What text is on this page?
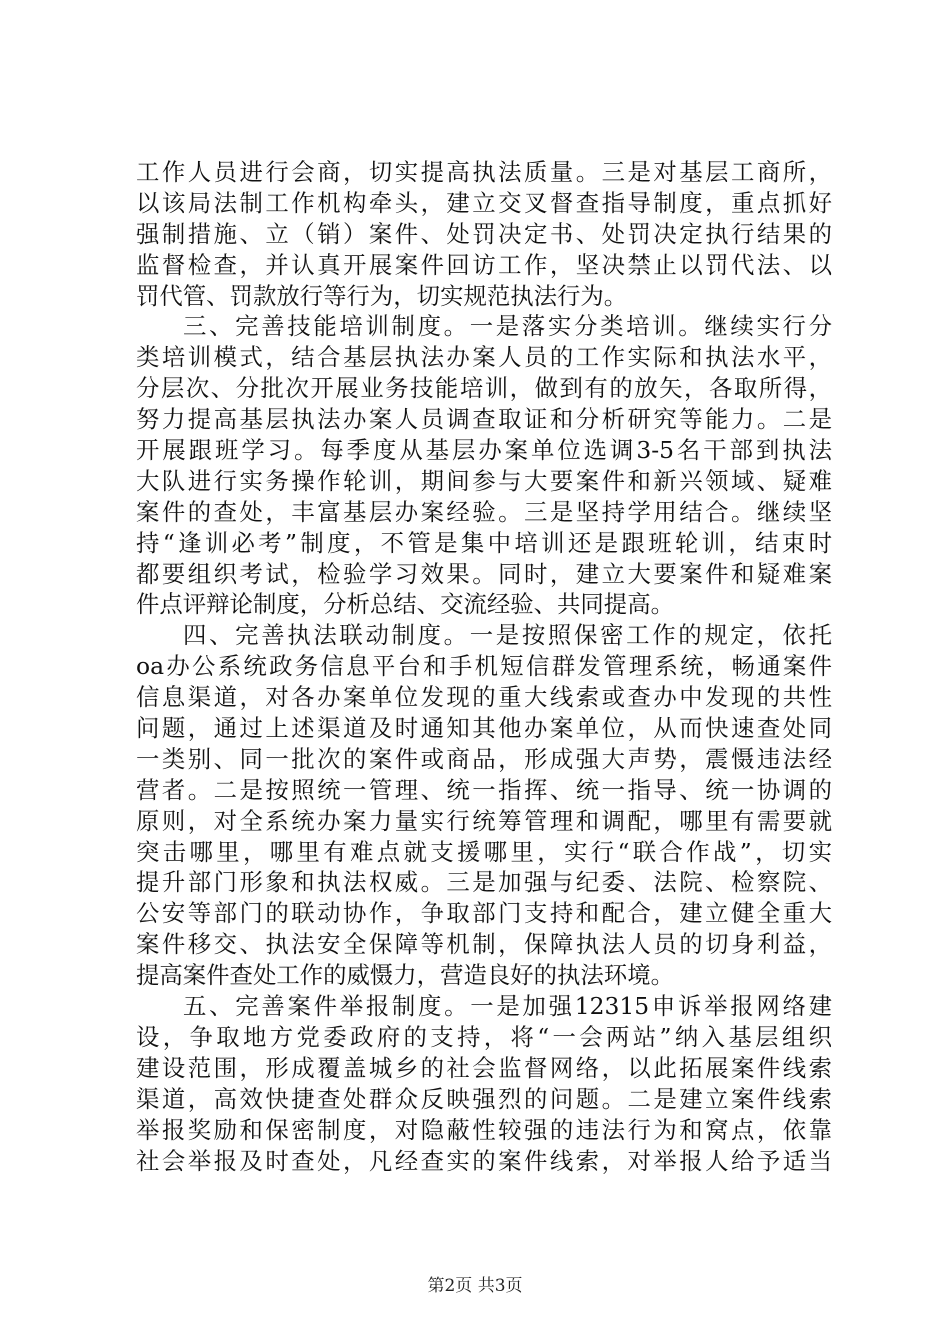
工作人员进行会商，切实提高执法质量。三是对基层工商所，
以该局法制工作机构牵头，建立交叉督查指导制度，重点抓好
强制措施、立（销）案件、处罚决定书、处罚决定执行结果的
监督检查，并认真开展案件回访工作，坚决禁止以罚代法、以
罚代管、罚款放行等行为，切实规范执法行为。
三、完善技能培训制度。一是落实分类培训。继续实行分
类培训模式，结合基层执法办案人员的工作实际和执法水平，
分层次、分批次开展业务技能培训，做到有的放矢，各取所得，
努力提高基层执法办案人员调查取证和分析研究等能力。二是
开展跟班学习。每季度从基层办案单位选调3-5名干部到执法
大队进行实务操作轮训，期间参与大要案件和新兴领域、疑难
案件的查处，丰富基层办案经验。三是坚持学用结合。继续坚
持“逢训必考”制度，不管是集中培训还是跟班轮训，结束时
都要组织考试，检验学习效果。同时，建立大要案件和疑难案
件点评辩论制度，分析总结、交流经验、共同提高。
四、完善执法联动制度。一是按照保密工作的规定，依托
oa办公系统政务信息平台和手机短信群发管理系统，畅通案件
信息渠道，对各办案单位发现的重大线索或查办中发现的共性
问题，通过上述渠道及时通知其他办案单位，从而快速查处同
一类别、同一批次的案件或商品，形成强大声势，震慑违法经
营者。二是按照统一管理、统一指挥、统一指导、统一协调的
原则，对全系统办案力量实行统筹管理和调配，哪里有需要就
突击哪里，哪里有难点就支援哪里，实行“联合作战”，切实
提升部门形象和执法权威。三是加强与纪委、法院、检察院、
公安等部门的联动协作，争取部门支持和配合，建立健全重大
案件移交、执法安全保障等机制，保障执法人员的切身利益，
提高案件查处工作的威慑力，营造良好的执法环境。
五、完善案件举报制度。一是加强12315申诉举报网络建
设，争取地方党委政府的支持，将“一会两站”纳入基层组织
建设范围，形成覆盖城乡的社会监督网络，以此拓展案件线索
渠道，高效快捷查处群众反映强烈的问题。二是建立案件线索
举报奖励和保密制度，对隐蔽性较强的违法行为和窝点，依靠
社会举报及时查处，凡经查实的案件线索，对举报人给予适当
第2页 共3页
